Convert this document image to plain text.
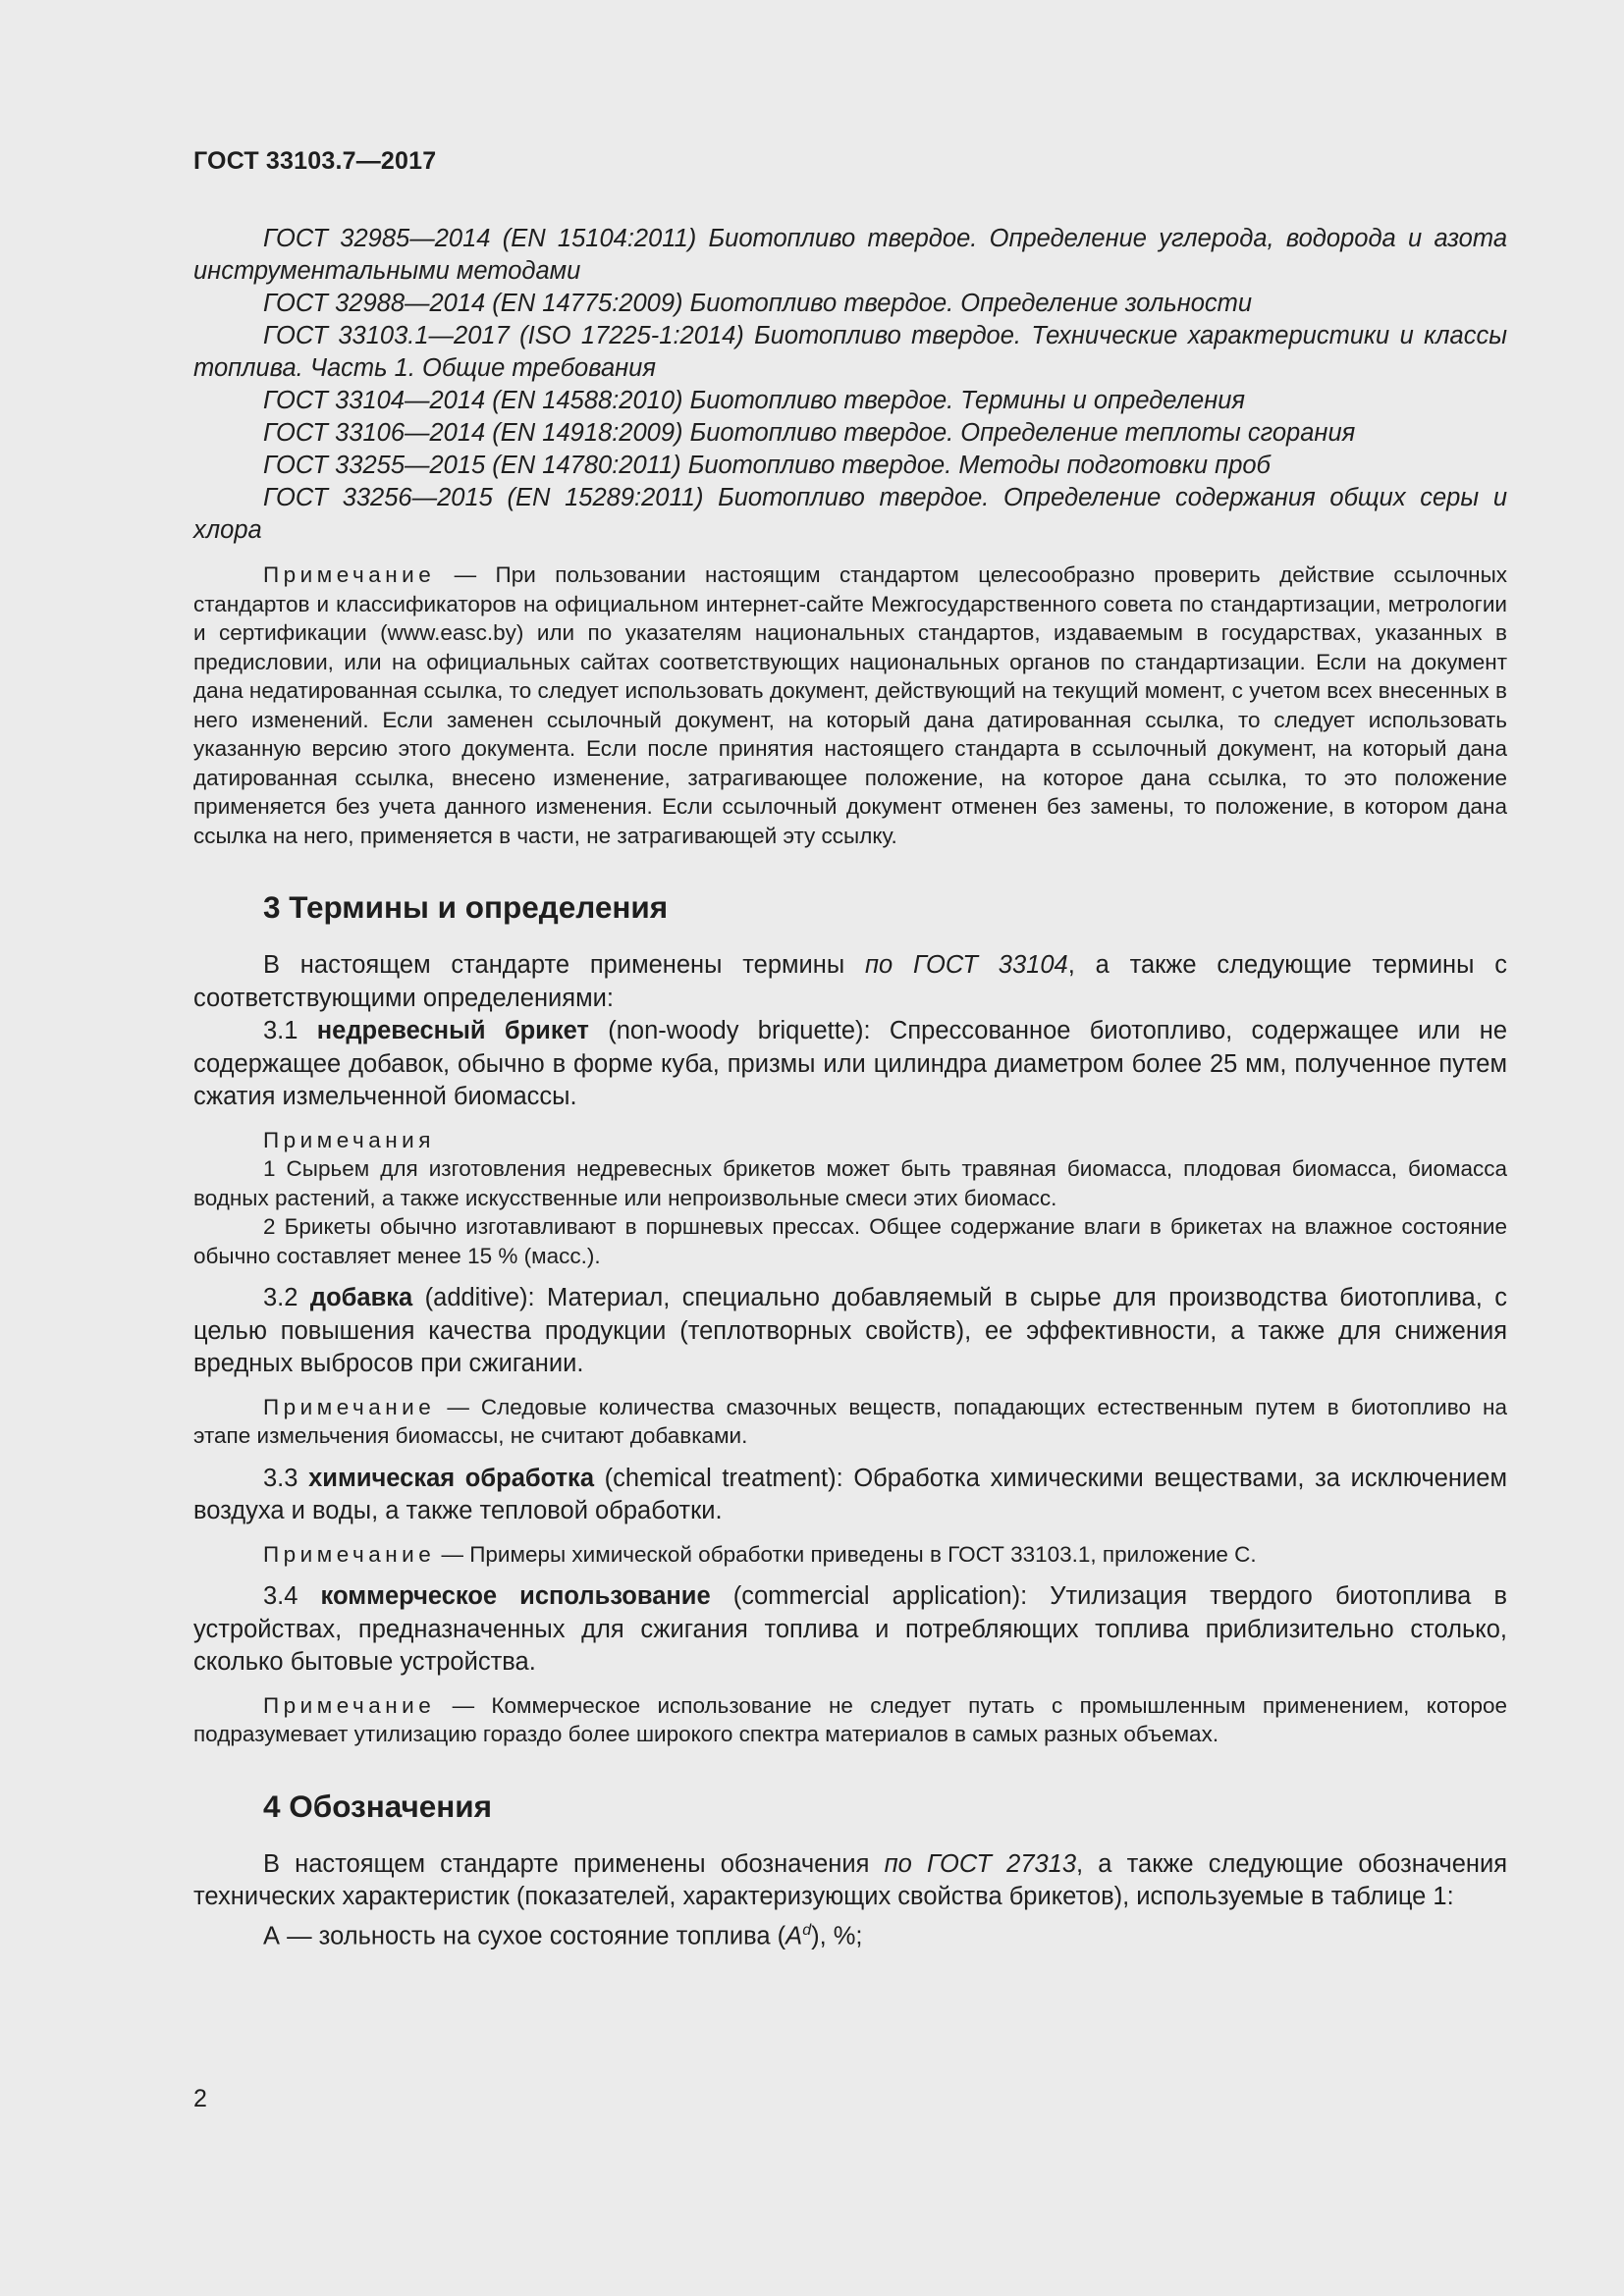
ГОСТ 33103.7—2017

ГОСТ 32985—2014 (EN 15104:2011) Биотопливо твердое. Определение углерода, водорода и азота инструментальными методами

ГОСТ 32988—2014 (EN 14775:2009) Биотопливо твердое. Определение зольности

ГОСТ 33103.1—2017 (ISO 17225-1:2014) Биотопливо твердое. Технические характеристики и классы топлива. Часть 1. Общие требования

ГОСТ 33104—2014 (EN 14588:2010) Биотопливо твердое. Термины и определения

ГОСТ 33106—2014 (EN 14918:2009) Биотопливо твердое. Определение теплоты сгорания

ГОСТ 33255—2015 (EN 14780:2011) Биотопливо твердое. Методы подготовки проб

ГОСТ 33256—2015 (EN 15289:2011) Биотопливо твердое. Определение содержания общих серы и хлора

Примечание — При пользовании настоящим стандартом целесообразно проверить действие ссылочных стандартов и классификаторов на официальном интернет-сайте Межгосударственного совета по стандартизации, метрологии и сертификации (www.easc.by) или по указателям национальных стандартов, издаваемым в государствах, указанных в предисловии, или на официальных сайтах соответствующих национальных органов по стандартизации. Если на документ дана недатированная ссылка, то следует использовать документ, действующий на текущий момент, с учетом всех внесенных в него изменений. Если заменен ссылочный документ, на который дана датированная ссылка, то следует использовать указанную версию этого документа. Если после принятия настоящего стандарта в ссылочный документ, на который дана датированная ссылка, внесено изменение, затрагивающее положение, на которое дана ссылка, то это положение применяется без учета данного изменения. Если ссылочный документ отменен без замены, то положение, в котором дана ссылка на него, применяется в части, не затрагивающей эту ссылку.

3 Термины и определения

В настоящем стандарте применены термины по ГОСТ 33104, а также следующие термины с соответствующими определениями:

3.1 недревесный брикет (non-woody briquette): Спрессованное биотопливо, содержащее или не содержащее добавок, обычно в форме куба, призмы или цилиндра диаметром более 25 мм, полученное путем сжатия измельченной биомассы.

Примечания

1 Сырьем для изготовления недревесных брикетов может быть травяная биомасса, плодовая биомасса, биомасса водных растений, а также искусственные или непроизвольные смеси этих биомасс.

2 Брикеты обычно изготавливают в поршневых прессах. Общее содержание влаги в брикетах на влажное состояние обычно составляет менее 15 % (масс.).

3.2 добавка (additive): Материал, специально добавляемый в сырье для производства биотоплива, с целью повышения качества продукции (теплотворных свойств), ее эффективности, а также для снижения вредных выбросов при сжигании.

Примечание — Следовые количества смазочных веществ, попадающих естественным путем в биотопливо на этапе измельчения биомассы, не считают добавками.

3.3 химическая обработка (chemical treatment): Обработка химическими веществами, за исключением воздуха и воды, а также тепловой обработки.

Примечание — Примеры химической обработки приведены в ГОСТ 33103.1, приложение С.

3.4 коммерческое использование (commercial application): Утилизация твердого биотоплива в устройствах, предназначенных для сжигания топлива и потребляющих топлива приблизительно столько, сколько бытовые устройства.

Примечание — Коммерческое использование не следует путать с промышленным применением, которое подразумевает утилизацию гораздо более широкого спектра материалов в самых разных объемах.

4 Обозначения

В настоящем стандарте применены обозначения по ГОСТ 27313, а также следующие обозначения технических характеристик (показателей, характеризующих свойства брикетов), используемые в таблице 1:

А — зольность на сухое состояние топлива $(A^d)$, %;

2
